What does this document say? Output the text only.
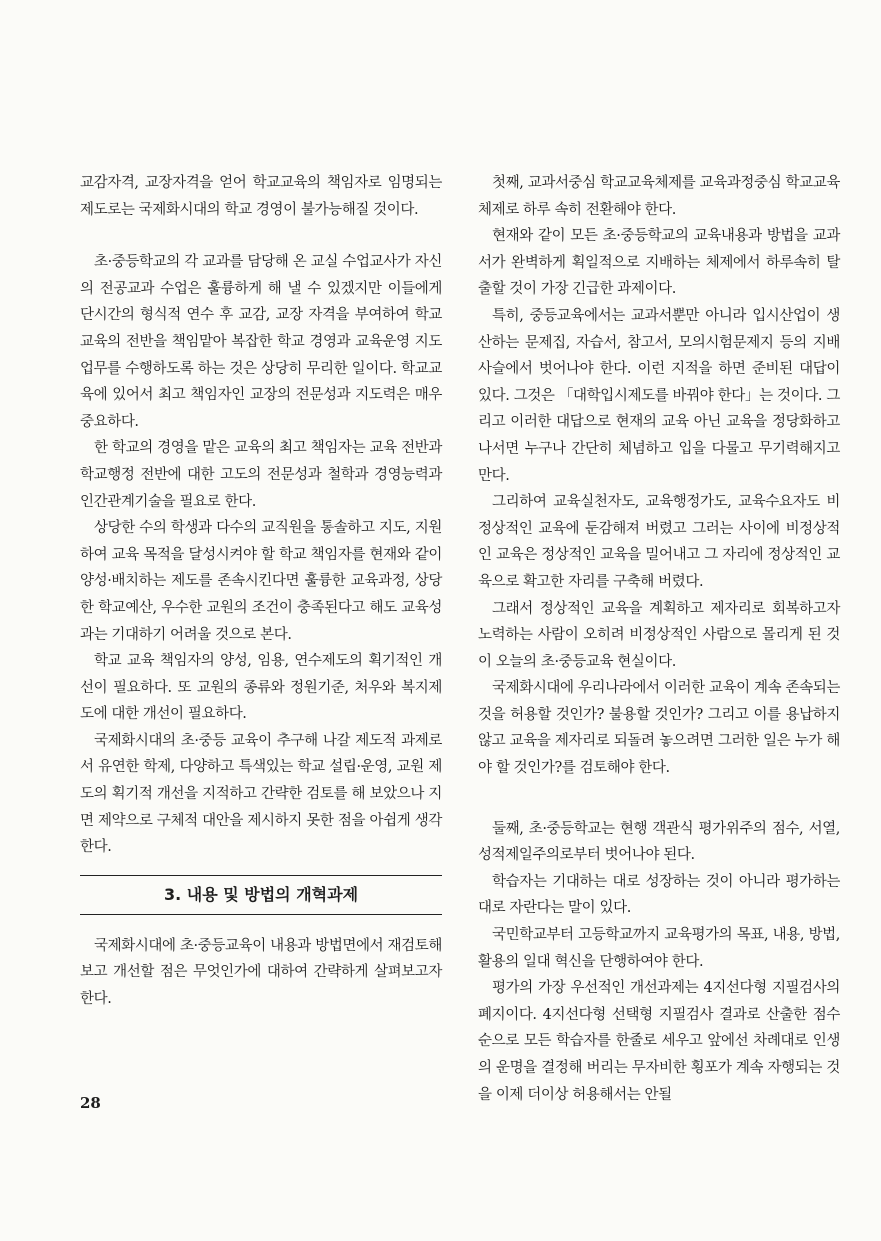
교감자격, 교장자격을 얻어 학교교육의 책임자로 임명되는 제도로는 국제화시대의 학교 경영이 불가능해질 것이다.

초·중등학교의 각 교과를 담당해 온 교실 수업교사가 자신의 전공교과 수업은 훌륭하게 해 낼 수 있겠지만 이들에게 단시간의 형식적 연수 후 교감, 교장 자격을 부여하여 학교교육의 전반을 책임맡아 복잡한 학교 경영과 교육운영 지도 업무를 수행하도록 하는 것은 상당히 무리한 일이다. 학교교육에 있어서 최고 책임자인 교장의 전문성과 지도력은 매우 중요하다.

한 학교의 경영을 맡은 교육의 최고 책임자는 교육 전반과 학교행정 전반에 대한 고도의 전문성과 철학과 경영능력과 인간관계기술을 필요로 한다.

상당한 수의 학생과 다수의 교직원을 통솔하고 지도, 지원하여 교육 목적을 달성시켜야 할 학교 책임자를 현재와 같이 양성·배치하는 제도를 존속시킨다면 훌륭한 교육과정, 상당한 학교예산, 우수한 교원의 조건이 충족된다고 해도 교육성과는 기대하기 어려울 것으로 본다.

학교 교육 책임자의 양성, 임용, 연수제도의 획기적인 개선이 필요하다. 또 교원의 종류와 정원기준, 처우와 복지제도에 대한 개선이 필요하다.

국제화시대의 초·중등 교육이 추구해 나갈 제도적 과제로서 유연한 학제, 다양하고 특색있는 학교 설립·운영, 교원 제도의 획기적 개선을 지적하고 간략한 검토를 해 보았으나 지면 제약으로 구체적 대안을 제시하지 못한 점을 아쉽게 생각한다.

3. 내용 및 방법의 개혁과제

국제화시대에 초·중등교육이 내용과 방법면에서 재검토해 보고 개선할 점은 무엇인가에 대하여 간략하게 살펴보고자 한다.

첫째, 교과서중심 학교교육체제를 교육과정중심 학교교육체제로 하루 속히 전환해야 한다.

현재와 같이 모든 초·중등학교의 교육내용과 방법을 교과서가 완벽하게 획일적으로 지배하는 체제에서 하루속히 탈출할 것이 가장 긴급한 과제이다.

특히, 중등교육에서는 교과서뿐만 아니라 입시산업이 생산하는 문제집, 자습서, 참고서, 모의시험문제지 등의 지배사슬에서 벗어나야 한다. 이런 지적을 하면 준비된 대답이 있다. 그것은 「대학입시제도를 바꿔야 한다」는 것이다. 그리고 이러한 대답으로 현재의 교육 아닌 교육을 정당화하고 나서면 누구나 간단히 체념하고 입을 다물고 무기력해지고 만다.

그리하여 교육실천자도, 교육행정가도, 교육수요자도 비정상적인 교육에 둔감해져 버렸고 그러는 사이에 비정상적인 교육은 정상적인 교육을 밀어내고 그 자리에 정상적인 교육으로 확고한 자리를 구축해 버렸다.

그래서 정상적인 교육을 계획하고 제자리로 회복하고자 노력하는 사람이 오히려 비정상적인 사람으로 몰리게 된 것이 오늘의 초·중등교육 현실이다.

국제화시대에 우리나라에서 이러한 교육이 계속 존속되는 것을 허용할 것인가? 불용할 것인가? 그리고 이를 용납하지 않고 교육을 제자리로 되돌려 놓으려면 그러한 일은 누가 해야 할 것인가?를 검토해야 한다.

둘째, 초·중등학교는 현행 객관식 평가위주의 점수, 서열, 성적제일주의로부터 벗어나야 된다.

학습자는 기대하는 대로 성장하는 것이 아니라 평가하는대로 자란다는 말이 있다.

국민학교부터 고등학교까지 교육평가의 목표, 내용, 방법, 활용의 일대 혁신을 단행하여야 한다.

평가의 가장 우선적인 개선과제는 4지선다형 지필검사의 폐지이다. 4지선다형 선택형 지필검사 결과로 산출한 점수순으로 모든 학습자를 한줄로 세우고 앞에선 차례대로 인생의 운명을 결정해 버리는 무자비한 횡포가 계속 자행되는 것을 이제 더이상 허용해서는 안될

28
